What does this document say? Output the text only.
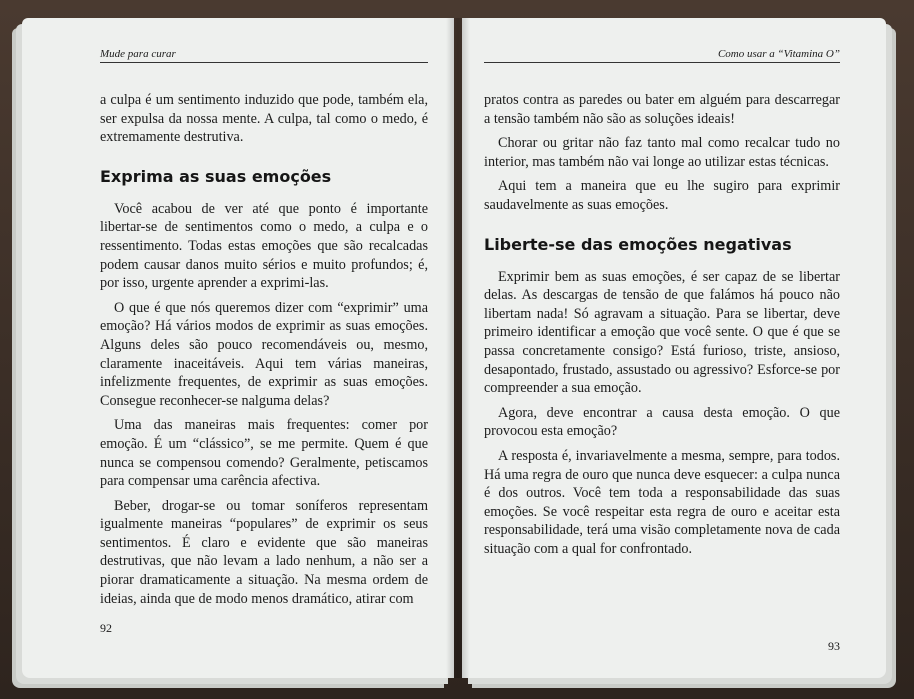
Mude para curar

a culpa é um sentimento induzido que pode, também ela, ser expulsa da nossa mente. A culpa, tal como o medo, é extremamente destrutiva.

Exprima as suas emoções

Você acabou de ver até que ponto é importante libertar-se de sentimentos como o medo, a culpa e o ressentimento. Todas estas emoções que são recalcadas podem causar danos muito sérios e muito profundos; é, por isso, urgente aprender a exprimi-las.

O que é que nós queremos dizer com “exprimir” uma emoção? Há vários modos de exprimir as suas emoções. Alguns deles são pouco recomendáveis ou, mesmo, claramente inaceitáveis. Aqui tem várias maneiras, infelizmente frequentes, de exprimir as suas emoções. Consegue reconhecer-se nalguma delas?

Uma das maneiras mais frequentes: comer por emoção. É um “clássico”, se me permite. Quem é que nunca se compensou comendo? Geralmente, petiscamos para compensar uma carência afectiva.

Beber, drogar-se ou tomar soníferos representam igualmente maneiras “populares” de exprimir os seus sentimentos. É claro e evidente que são maneiras destrutivas, que não levam a lado nenhum, a não ser a piorar dramaticamente a situação. Na mesma ordem de ideias, ainda que de modo menos dramático, atirar com

92
Como usar a “Vitamina O”

pratos contra as paredes ou bater em alguém para descarregar a tensão também não são as soluções ideais!

Chorar ou gritar não faz tanto mal como recalcar tudo no interior, mas também não vai longe ao utilizar estas técnicas.

Aqui tem a maneira que eu lhe sugiro para exprimir saudavelmente as suas emoções.

Liberte-se das emoções negativas

Exprimir bem as suas emoções, é ser capaz de se libertar delas. As descargas de tensão de que falámos há pouco não libertam nada! Só agravam a situação. Para se libertar, deve primeiro identificar a emoção que você sente. O que é que se passa concretamente consigo? Está furioso, triste, ansioso, desapontado, frustado, assustado ou agressivo? Esforce-se por compreender a sua emoção.

Agora, deve encontrar a causa desta emoção. O que provocou esta emoção?

A resposta é, invariavelmente a mesma, sempre, para todos. Há uma regra de ouro que nunca deve esquecer: a culpa nunca é dos outros. Você tem toda a responsabilidade das suas emoções. Se você respeitar esta regra de ouro e aceitar esta responsabilidade, terá uma visão completamente nova de cada situação com a qual for confrontado.

93
